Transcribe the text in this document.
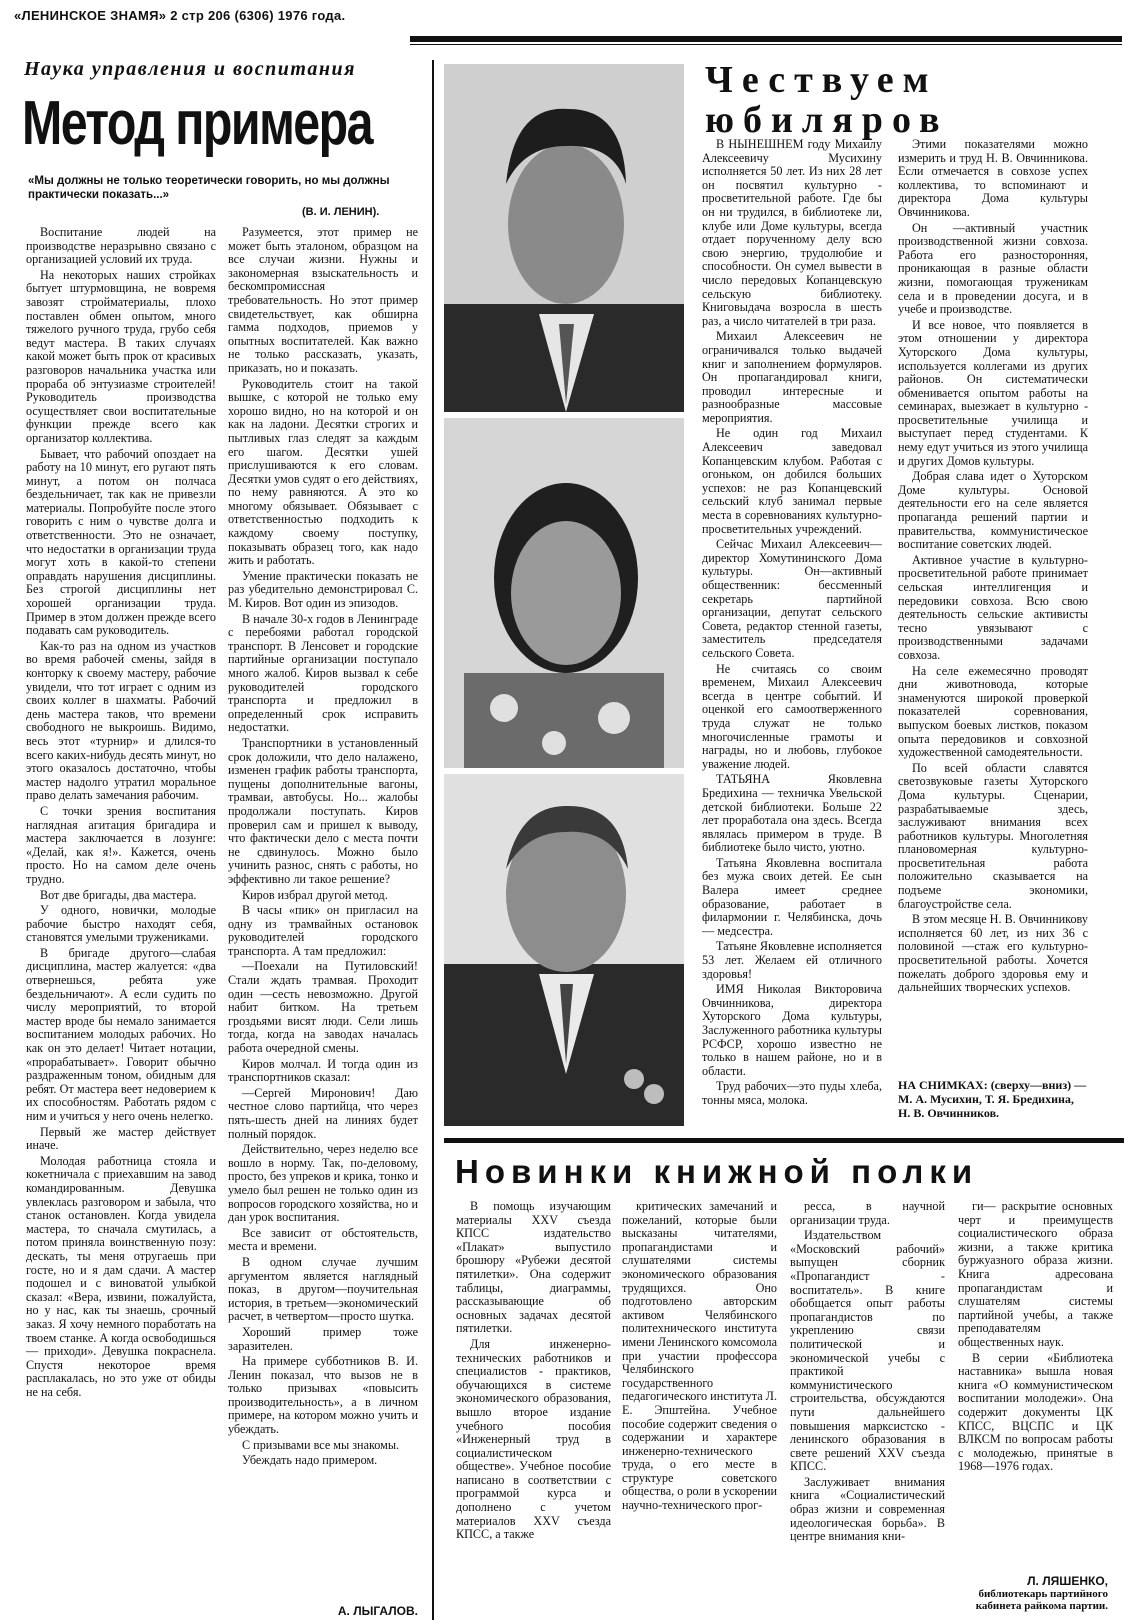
«ЛЕНИНСКОЕ ЗНАМЯ» 2 стр 206 (6306) 1976 года.
Наука управления и воспитания
Метод примера
«Мы должны не только теоретически говорить, но мы должны практически показать...»
(В. И. ЛЕНИН).

Воспитание людей на производстве неразрывно связано с организацией условий их труда.

На некоторых наших стройках бытует штурмовщина, не вовремя завозят стройматериалы, плохо поставлен обмен опытом, много тяжелого ручного труда, грубо себя ведут мастера. В таких случаях какой может быть прок от красивых разговоров начальника участка или прораба об энтузиазме строителей! Руководитель производства осуществляет свои воспитательные функции прежде всего как организатор коллектива.

Бывает, что рабочий опоздает на работу на 10 минут, его ругают пять минут, а потом он полчаса бездельничает, так как не привезли материалы. Попробуйте после этого говорить с ним о чувстве долга и ответственности. Это не означает, что недостатки в организации труда могут хоть в какой-то степени оправдать нарушения дисциплины. Без строгой дисциплины нет хорошей организации труда. Пример в этом должен прежде всего подавать сам руководитель.

Как-то раз на одном из участков во время рабочей смены, зайдя в конторку к своему мастеру, рабочие увидели, что тот играет с одним из своих коллег в шахматы. Рабочий день мастера таков, что времени свободного не выкроишь. Видимо, весь этот «турнир» и длился-то всего каких-нибудь десять минут, но этого оказалось достаточно, чтобы мастер надолго утратил моральное право делать замечания рабочим.

С точки зрения воспитания наглядная агитация бригадира и мастера заключается в лозунге: «Делай, как я!». Кажется, очень просто. Но на самом деле очень трудно.

Вот две бригады, два мастера.

У одного, новички, молодые рабочие быстро находят себя, становятся умелыми тружениками.

В бригаде другого—слабая дисциплина, мастер жалуется: «два отвернешься, ребята уже бездельничают». А если судить по числу мероприятий, то второй мастер вроде бы немало занимается воспитанием молодых рабочих. Но как он это делает! Читает нотации, «прорабатывает». Говорит обычно раздраженным тоном, обидным для ребят. От мастера веет недоверием к их способностям. Работать рядом с ним и учиться у него очень нелегко.

Первый же мастер действует иначе.

Молодая работница стояла и кокетничала с приехавшим на завод командированным. Девушка увлеклась разговором и забыла, что станок остановлен. Когда увидела мастера, то сначала смутилась, а потом приняла воинственную позу: дескать, ты меня отругаешь при госте, но и я дам сдачи. А мастер подошел и с виноватой улыбкой сказал: «Вера, извини, пожалуйста, но у нас, как ты знаешь, срочный заказ. Я хочу немного поработать на твоем станке. А когда освободишься — приходи». Девушка покраснела. Спустя некоторое время расплакалась, но это уже от обиды не на себя.

Разумеется, этот пример не может быть эталоном, образцом на все случаи жизни. Нужны и закономерная взыскательность и бескомпромиссная требовательность. Но этот пример свидетельствует, как обширна гамма подходов, приемов у опытных воспитателей. Как важно не только рассказать, указать, приказать, но и показать.

Руководитель стоит на такой вышке, с которой не только ему хорошо видно, но на которой и он как на ладони. Десятки строгих и пытливых глаз следят за каждым его шагом. Десятки ушей прислушиваются к его словам. Десятки умов судят о его действиях, по нему равняются. А это ко многому обязывает. Обязывает с ответственностью подходить к каждому своему поступку, показывать образец того, как надо жить и работать.

Умение практически показать не раз убедительно демонстрировал С. М. Киров. Вот один из эпизодов.

В начале 30-х годов в Ленинграде с перебоями работал городской транспорт. В Ленсовет и городские партийные организации поступало много жалоб. Киров вызвал к себе руководителей городского транспорта и предложил в определенный срок исправить недостатки.

Транспортники в установленный срок доложили, что дело налажено, изменен график работы транспорта, пущены дополнительные вагоны, трамваи, автобусы. Но... жалобы продолжали поступать. Киров проверил сам и пришел к выводу, что фактически дело с места почти не сдвинулось. Можно было учинить разнос, снять с работы, но эффективно ли такое решение?

Киров избрал другой метод.

В часы «пик» он пригласил на одну из трамвайных остановок руководителей городского транспорта. А там предложил:

—Поехали на Путиловский! Стали ждать трамвая. Проходит один —сесть невозможно. Другой набит битком. На третьем гроздьями висят люди. Сели лишь тогда, когда на заводах началась работа очередной смены.

Киров молчал. И тогда один из транспортников сказал:

—Сергей Миронович! Даю честное слово партийца, что через пять-шесть дней на линиях будет полный порядок.

Действительно, через неделю все вошло в норму. Так, по-деловому, просто, без упреков и крика, тонко и умело был решен не только один из вопросов городского хозяйства, но и дан урок воспитания.

Все зависит от обстоятельств, места и времени.

В одном случае лучшим аргументом является наглядный показ, в другом—поучительная история, в третьем—экономический расчет, в четвертом—просто шутка.

Хороший пример тоже заразителен.

На примере субботников В. И. Ленин показал, что вызов не в только призывах «повысить производительность», а в личном примере, на котором можно учить и убеждать.

С призывами все мы знакомы.

Убеждать надо примером.

А. ЛЫГАЛОВ.
Чествуем юбиляров

В НЫНЕШНЕМ году Михаилу Алексеевичу Мусихину исполняется 50 лет. Из них 28 лет он посвятил культурно - просветительной работе. Где бы он ни трудился, в библиотеке ли, клубе или Доме культуры, всегда отдает порученному делу всю свою энергию, трудолюбие и способности. Он сумел вывести в число передовых Копанцевскую сельскую библиотеку. Книговыдача возросла в шесть раз, а число читателей в три раза.

Михаил Алексеевич не ограничивался только выдачей книг и заполнением формуляров. Он пропагандировал книги, проводил интересные и разнообразные массовые мероприятия.

Не один год Михаил Алексеевич заведовал Копанцевским клубом. Работая с огоньком, он добился больших успехов: не раз Копанцевский сельский клуб занимал первые места в соревнованиях культурно-просветительных учреждений.

Сейчас Михаил Алексеевич—директор Хомутининского Дома культуры. Он—активный общественник: бессменный секретарь партийной организации, депутат сельского Совета, редактор стенной газеты, заместитель председателя сельского Совета.

Не считаясь со своим временем, Михаил Алексеевич всегда в центре событий. И оценкой его самоотверженного труда служат не только многочисленные грамоты и награды, но и любовь, глубокое уважение людей.

ТАТЬЯНА Яковлевна Бредихина — техничка Увельской детской библиотеки. Больше 22 лет проработала она здесь. Всегда являлась примером в труде. В библиотеке было чисто, уютно.

Татьяна Яковлевна воспитала без мужа своих детей. Ее сын Валера имеет среднее образование, работает в филармонии г. Челябинска, дочь — медсестра.

Татьяне Яковлевне исполняется 53 лет. Желаем ей отличного здоровья!

ИМЯ Николая Викторовича Овчинникова, директора Хуторского Дома культуры, Заслуженного работника культуры РСФСР, хорошо известно не только в нашем районе, но и в области.

Труд рабочих—это пуды хлеба, тонны мяса, молока.

Этими показателями можно измерить и труд Н. В. Овчинникова. Если отмечается в совхозе успех коллектива, то вспоминают и директора Дома культуры Овчинникова.

Он —активный участник производственной жизни совхоза. Работа его разносторонняя, проникающая в разные области жизни, помогающая труженикам села и в проведении досуга, и в учебе и производстве.

И все новое, что появляется в этом отношении у директора Хуторского Дома культуры, используется коллегами из других районов. Он систематически обменивается опытом работы на семинарах, выезжает в культурно - просветительные училища и выступает перед студентами. К нему едут учиться из этого училища и других Домов культуры.

Добрая слава идет о Хуторском Доме культуры. Основой деятельности его на селе является пропаганда решений партии и правительства, коммунистическое воспитание советских людей.

Активное участие в культурно-просветительной работе принимает сельская интеллигенция и передовики совхоза. Всю свою деятельность сельские активисты тесно увязывают с производственными задачами совхоза.

На селе ежемесячно проводят дни животновода, которые знаменуются широкой проверкой показателей соревнования, выпуском боевых листков, показом опыта передовиков и совхозной художественной самодеятельности.

По всей области славятся светозвуковые газеты Хуторского Дома культуры. Сценарии, разрабатываемые здесь, заслуживают внимания всех работников культуры. Многолетняя плановомерная культурно-просветительная работа положительно сказывается на подъеме экономики, благоустройстве села.

В этом месяце Н. В. Овчинникову исполняется 60 лет, из них 36 с половиной —стаж его культурно-просветительной работы. Хочется пожелать доброго здоровья ему и дальнейших творческих успехов.

НА СНИМКАХ: (сверху—вниз) — М. А. Мусихин, Т. Я. Бредихина, Н. В. Овчинников.
Новинки книжной полки

В помощь изучающим материалы XXV съезда КПСС издательство «Плакат» выпустило брошюру «Рубежи десятой пятилетки». Она содержит таблицы, диаграммы, рассказывающие об основных задачах десятой пятилетки.

Для инженерно-технических работников и специалистов - практиков, обучающихся в системе экономического образования, вышло второе издание учебного пособия «Инженерный труд в социалистическом обществе». Учебное пособие написано в соответствии с программой курса и дополнено с учетом материалов XXV съезда КПСС, а также

критических замечаний и пожеланий, которые были высказаны читателями, пропагандистами и слушателями системы экономического образования трудящихся. Оно подготовлено авторским активом Челябинского политехнического института имени Ленинского комсомола при участии профессора Челябинского государственного педагогического института Л. Е. Эпштейна. Учебное пособие содержит сведения о содержании и характере инженерно-технического труда, о его месте в структуре советского общества, о роли в ускорении научно-технического прог-

ресса, в научной организации труда.

Издательством «Московский рабочий» выпущен сборник «Пропагандист - воспитатель». В книге обобщается опыт работы пропагандистов по укреплению связи политической и экономической учебы с практикой коммунистического строительства, обсуждаются пути дальнейшего повышения марксистско - ленинского образования в свете решений XXV съезда КПСС.

Заслуживает внимания книга «Социалистический образ жизни и современная идеологическая борьба». В центре внимания кни-

ги— раскрытие основных черт и преимуществ социалистического образа жизни, а также критика буржуазного образа жизни. Книга адресована пропагандистам и слушателям системы партийной учебы, а также преподавателям общественных наук.

В серии «Библиотека наставника» вышла новая книга «О коммунистическом воспитании молодежи». Она содержит документы ЦК КПСС, ВЦСПС и ЦК ВЛКСМ по вопросам работы с молодежью, принятые в 1968—1976 годах.

Л. ЛЯШЕНКО,
библиотекарь партийного кабинета райкома партии.
